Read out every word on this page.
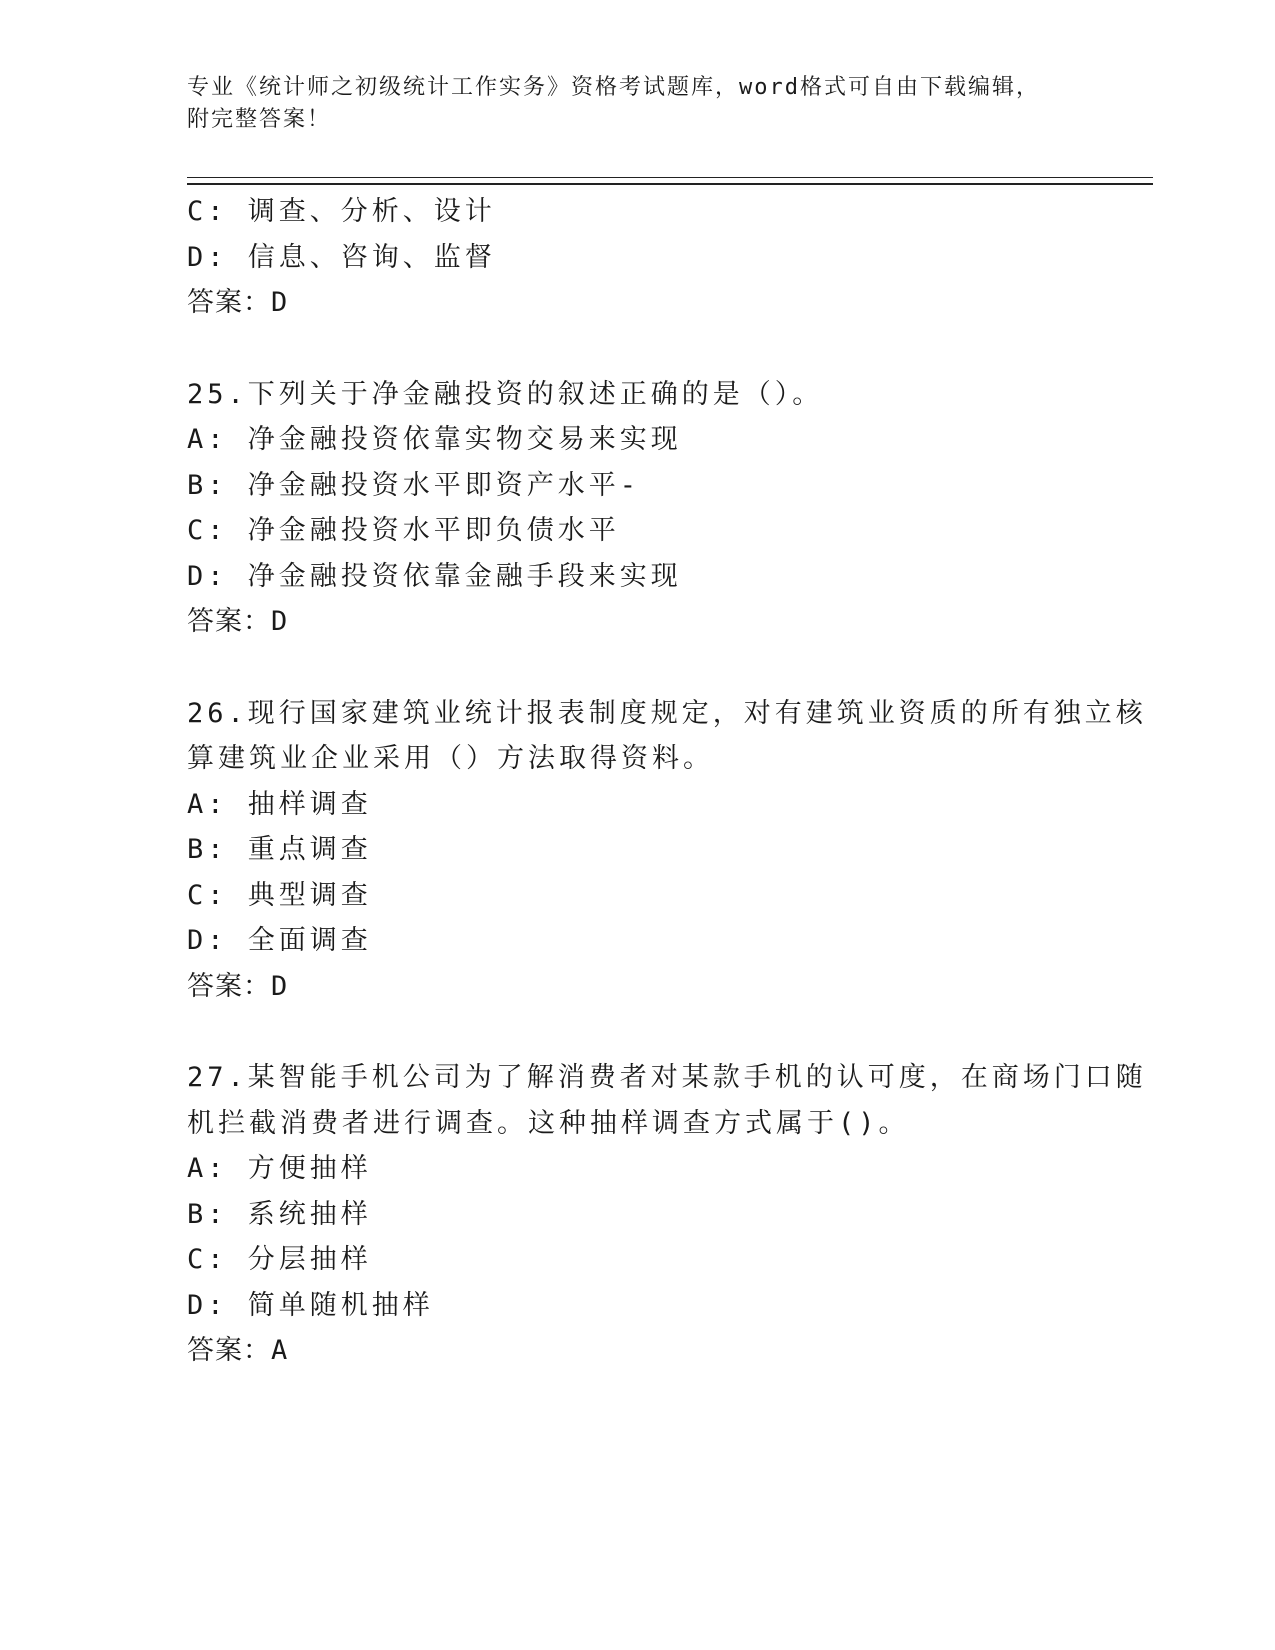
专业《统计师之初级统计工作实务》资格考试题库，word格式可自由下载编辑，
附完整答案！
C: 调查、分析、设计
D: 信息、咨询、监督
答案：D
25.下列关于净金融投资的叙述正确的是（）。
A: 净金融投资依靠实物交易来实现
B: 净金融投资水平即资产水平-
C: 净金融投资水平即负债水平
D: 净金融投资依靠金融手段来实现
答案：D
26.现行国家建筑业统计报表制度规定，对有建筑业资质的所有独立核
算建筑业企业采用（）方法取得资料。
A: 抽样调查
B: 重点调查
C: 典型调查
D: 全面调查
答案：D
27.某智能手机公司为了解消费者对某款手机的认可度，在商场门口随
机拦截消费者进行调查。这种抽样调查方式属于()。
A: 方便抽样
B: 系统抽样
C: 分层抽样
D: 简单随机抽样
答案：A
